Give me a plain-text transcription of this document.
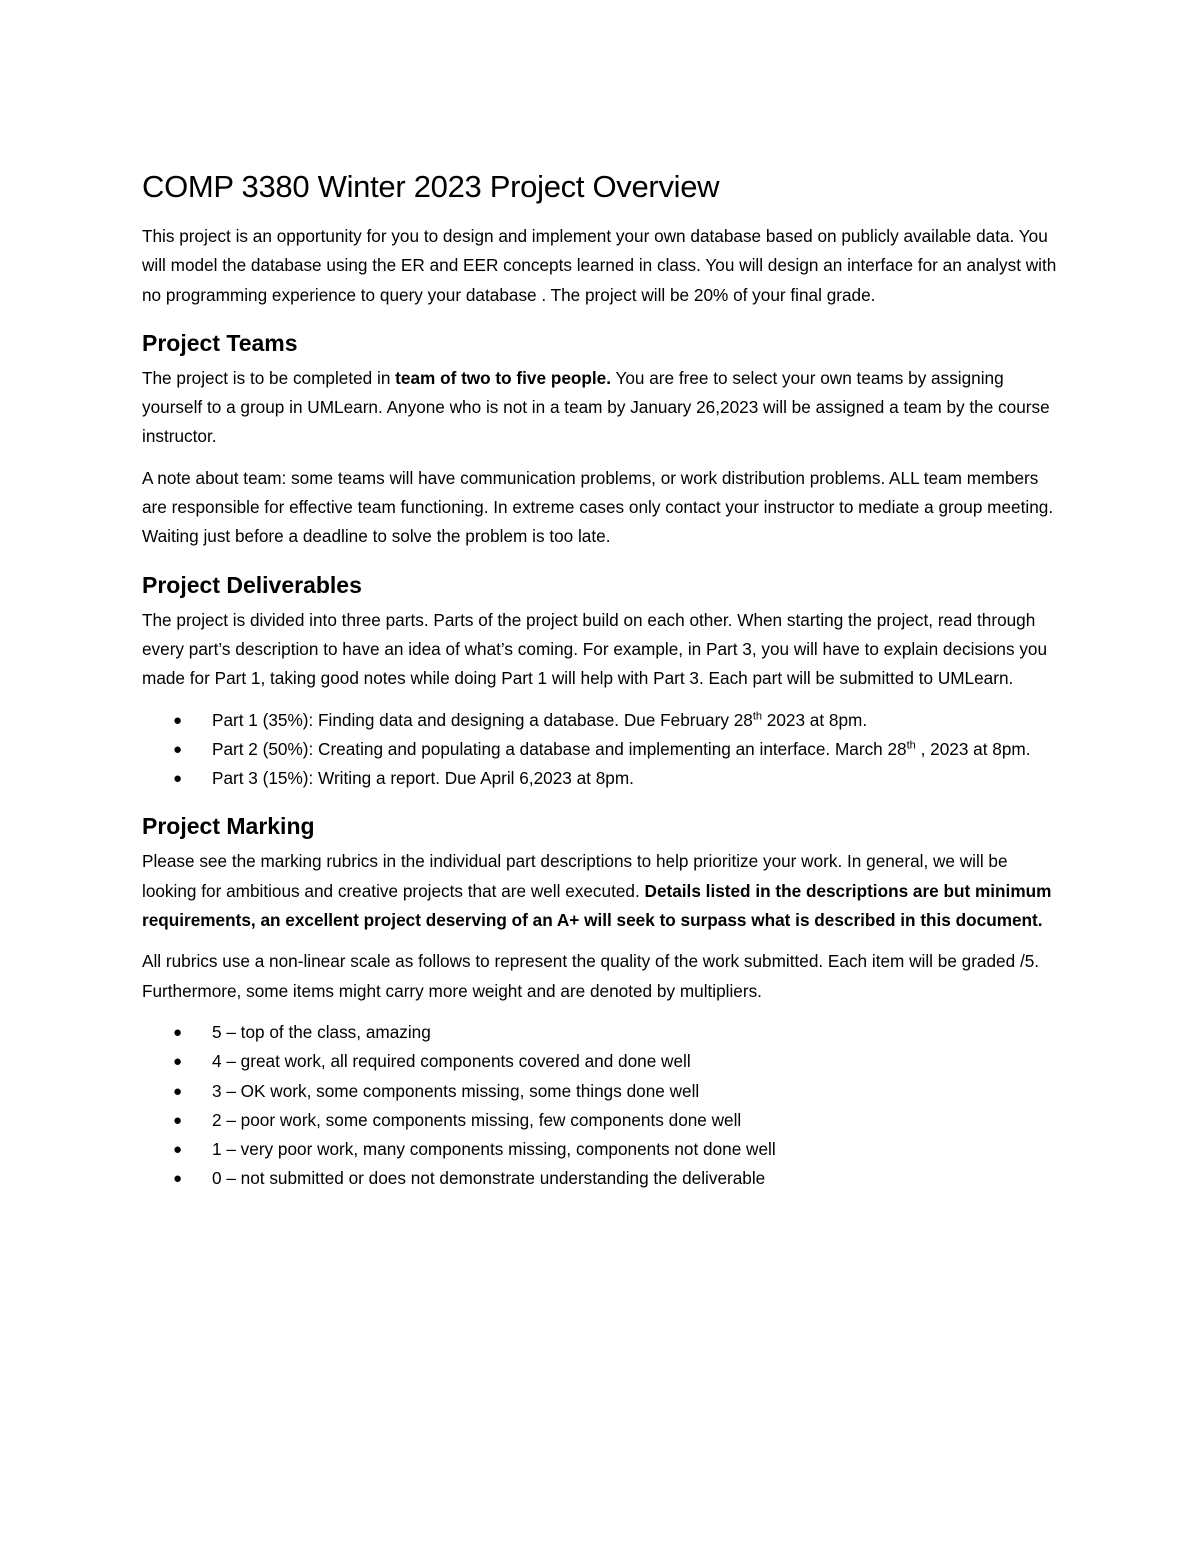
COMP 3380 Winter 2023 Project Overview

This project is an opportunity for you to design and implement your own database based on publicly available data. You will model the database using the ER and EER concepts learned in class. You will design an interface for an analyst with no programming experience to query your database . The project will be 20% of your final grade.

Project Teams

The project is to be completed in team of two to five people. You are free to select your own teams by assigning yourself to a group in UMLearn. Anyone who is not in a team by January 26,2023 will be assigned a team by the course instructor.

A note about team: some teams will have communication problems, or work distribution problems. ALL team members are responsible for effective team functioning. In extreme cases only contact your instructor to mediate a group meeting. Waiting just before a deadline to solve the problem is too late.

Project Deliverables

The project is divided into three parts. Parts of the project build on each other. When starting the project, read through every part’s description to have an idea of what’s coming. For example, in Part 3, you will have to explain decisions you made for Part 1, taking good notes while doing Part 1 will help with Part 3. Each part will be submitted to UMLearn.

● Part 1 (35%): Finding data and designing a database. Due February 28th 2023 at 8pm.
● Part 2 (50%): Creating and populating a database and implementing an interface. March 28th , 2023 at 8pm.
● Part 3 (15%): Writing a report. Due April 6,2023 at 8pm.
Project Marking

Please see the marking rubrics in the individual part descriptions to help prioritize your work. In general, we will be looking for ambitious and creative projects that are well executed. Details listed in the descriptions are but minimum requirements, an excellent project deserving of an A+ will seek to surpass what is described in this document.

All rubrics use a non-linear scale as follows to represent the quality of the work submitted. Each item will be graded /5. Furthermore, some items might carry more weight and are denoted by multipliers.

● 5 – top of the class, amazing
● 4 – great work, all required components covered and done well
● 3 – OK work, some components missing, some things done well
● 2 – poor work, some components missing, few components done well
● 1 – very poor work, many components missing, components not done well
● 0 – not submitted or does not demonstrate understanding the deliverable
